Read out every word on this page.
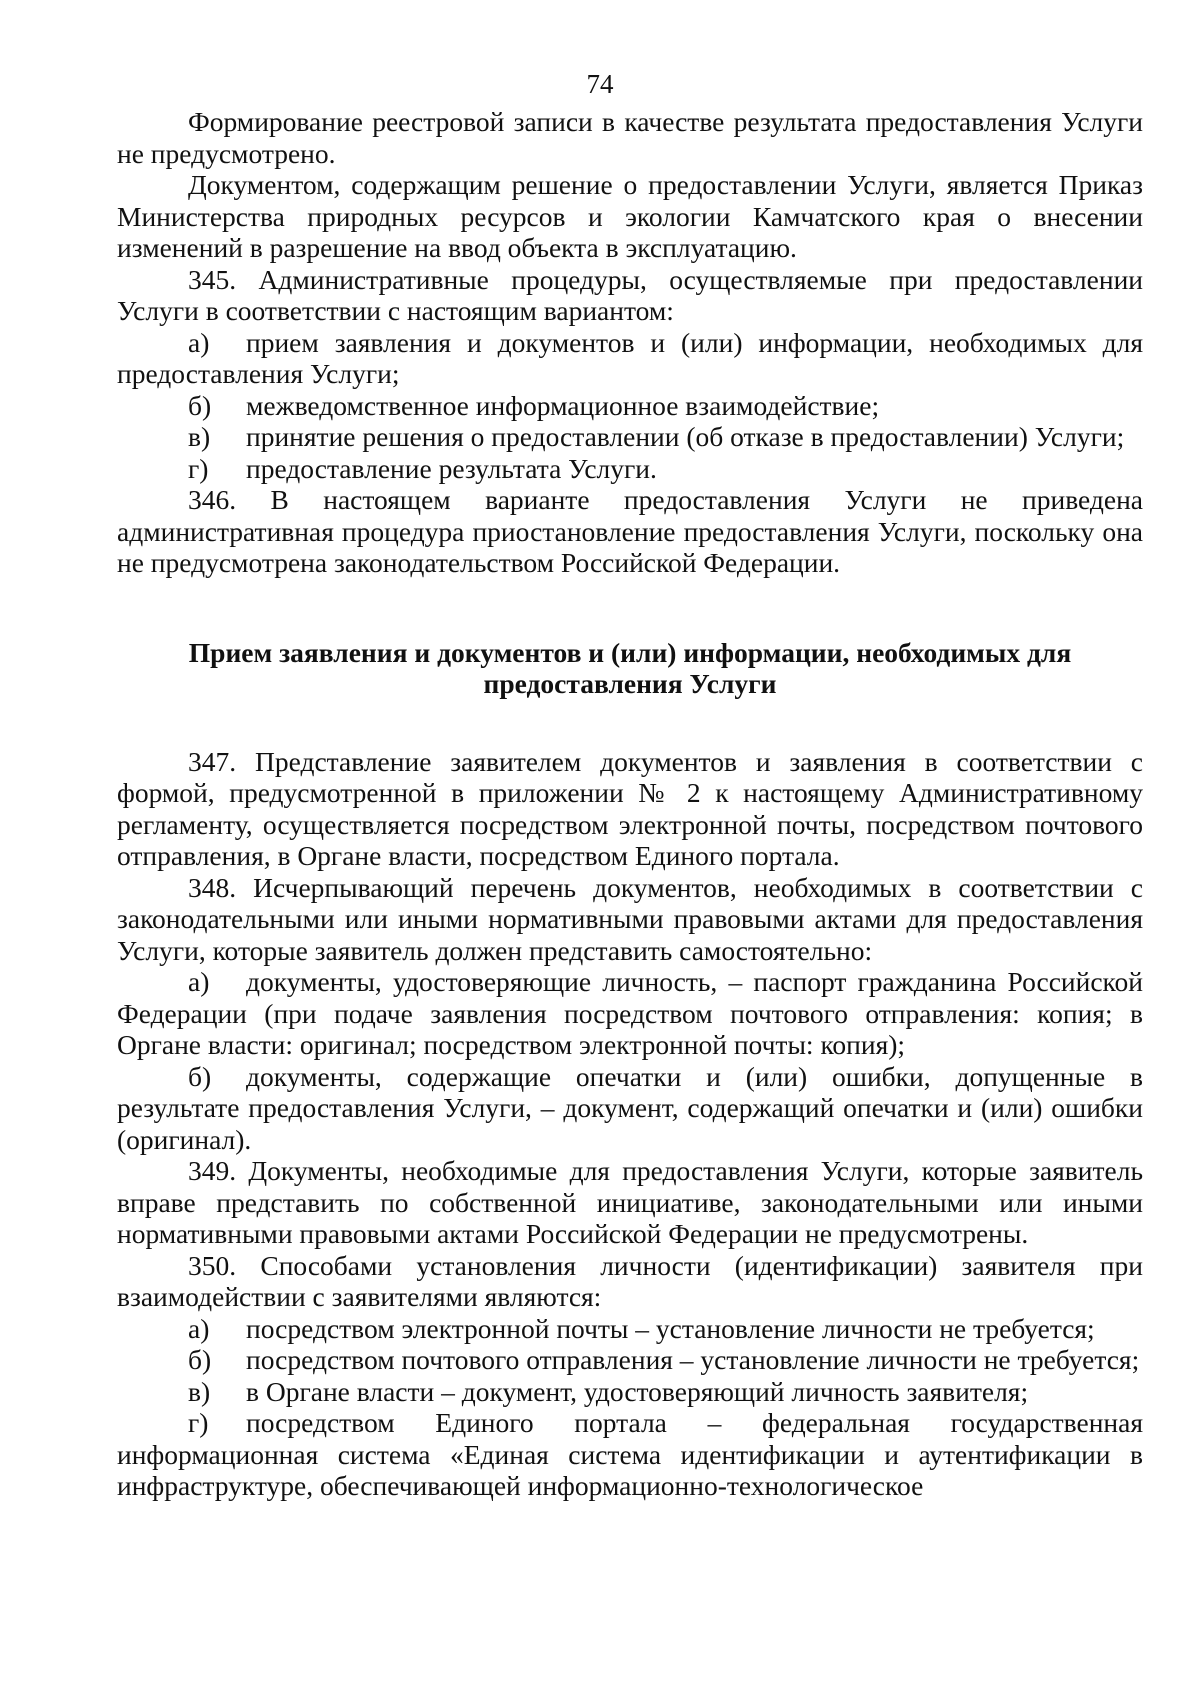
74

Формирование реестровой записи в качестве результата предоставления Услуги не предусмотрено.

Документом, содержащим решение о предоставлении Услуги, является Приказ Министерства природных ресурсов и экологии Камчатского края о внесении изменений в разрешение на ввод объекта в эксплуатацию.

345. Административные процедуры, осуществляемые при предоставлении Услуги в соответствии с настоящим вариантом:

а) прием заявления и документов и (или) информации, необходимых для предоставления Услуги;

б) межведомственное информационное взаимодействие;

в) принятие решения о предоставлении (об отказе в предоставлении) Услуги;

г) предоставление результата Услуги.

346. В настоящем варианте предоставления Услуги не приведена административная процедура приостановление предоставления Услуги, поскольку она не предусмотрена законодательством Российской Федерации.

Прием заявления и документов и (или) информации, необходимых для
предоставления Услуги

347. Представление заявителем документов и заявления в соответствии с формой, предусмотренной в приложении № 2 к настоящему Административному регламенту, осуществляется посредством электронной почты, посредством почтового отправления, в Органе власти, посредством Единого портала.

348. Исчерпывающий перечень документов, необходимых в соответствии с законодательными или иными нормативными правовыми актами для предоставления Услуги, которые заявитель должен представить самостоятельно:

а) документы, удостоверяющие личность, – паспорт гражданина Российской Федерации (при подаче заявления посредством почтового отправления: копия; в Органе власти: оригинал; посредством электронной почты: копия);

б) документы, содержащие опечатки и (или) ошибки, допущенные в результате предоставления Услуги, – документ, содержащий опечатки и (или) ошибки (оригинал).

349. Документы, необходимые для предоставления Услуги, которые заявитель вправе представить по собственной инициативе, законодательными или иными нормативными правовыми актами Российской Федерации не предусмотрены.

350. Способами установления личности (идентификации) заявителя при взаимодействии с заявителями являются:

а) посредством электронной почты – установление личности не требуется;

б) посредством почтового отправления – установление личности не требуется;

в) в Органе власти – документ, удостоверяющий личность заявителя;

г) посредством Единого портала – федеральная государственная информационная система «Единая система идентификации и аутентификации в инфраструктуре, обеспечивающей информационно-технологическое
